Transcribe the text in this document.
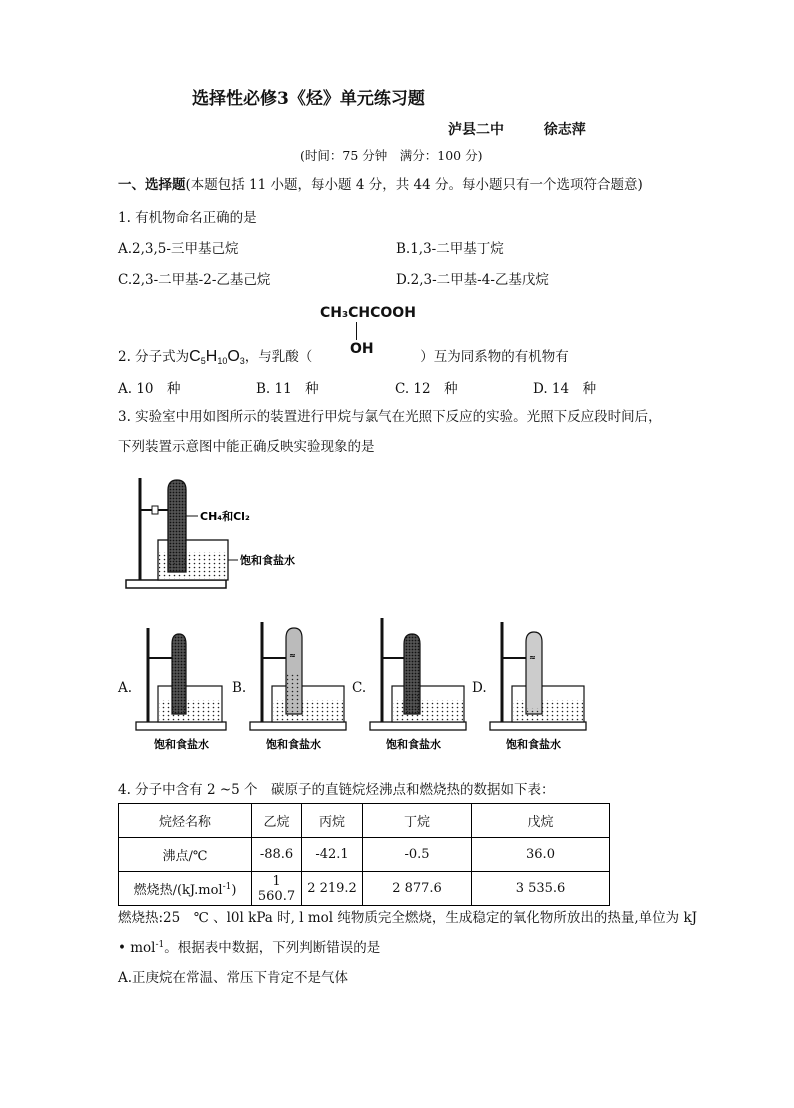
选择性必修3《烃》单元练习题
泸县二中	徐志萍
(时间：75 分钟　满分：100 分)
一、选择题(本题包括 11 小题，每小题 4 分，共 44 分。每小题只有一个选项符合题意)
1. 有机物命名正确的是
A.2,3,5-三甲基己烷	B.1,3-二甲基丁烷
C.2,3-二甲基-2-乙基己烷	D.2,3-二甲基-4-乙基戊烷
CH₃CHCOOH
OH
2. 分子式为$C_5H_{10}O_3$，与乳酸（	）互为同系物的有机物有
A. 10　种	B. 11　种	C. 12　种	D. 14　种
3. 实验室中用如图所示的装置进行甲烷与氯气在光照下反应的实验。光照下反应段时间后，
下列装置示意图中能正确反映实验现象的是
CH₄和Cl₂
饱和食盐水
A.
饱和食盐水
B.
≈
饱和食盐水
C.
饱和食盐水
D.
≈
饱和食盐水
4. 分子中含有 2 ~5 个　碳原子的直链烷烃沸点和燃烧热的数据如下表：
烷烃名称	乙烷	丙烷	丁烷	戊烷
沸点/℃	-88.6	-42.1	-0.5	36.0
燃烧热/(kJ.mol$^{-1}$)	1 560.7	2 219.2	2 877.6	3 535.6
燃烧热:25　℃ 、l0l kPa 时, l mol 纯物质完全燃烧，生成稳定的氧化物所放出的热量,单位为 kJ
• mol$^{-1}$。根据表中数据，下列判断错误的是
A.正庚烷在常温、常压下肯定不是气体
